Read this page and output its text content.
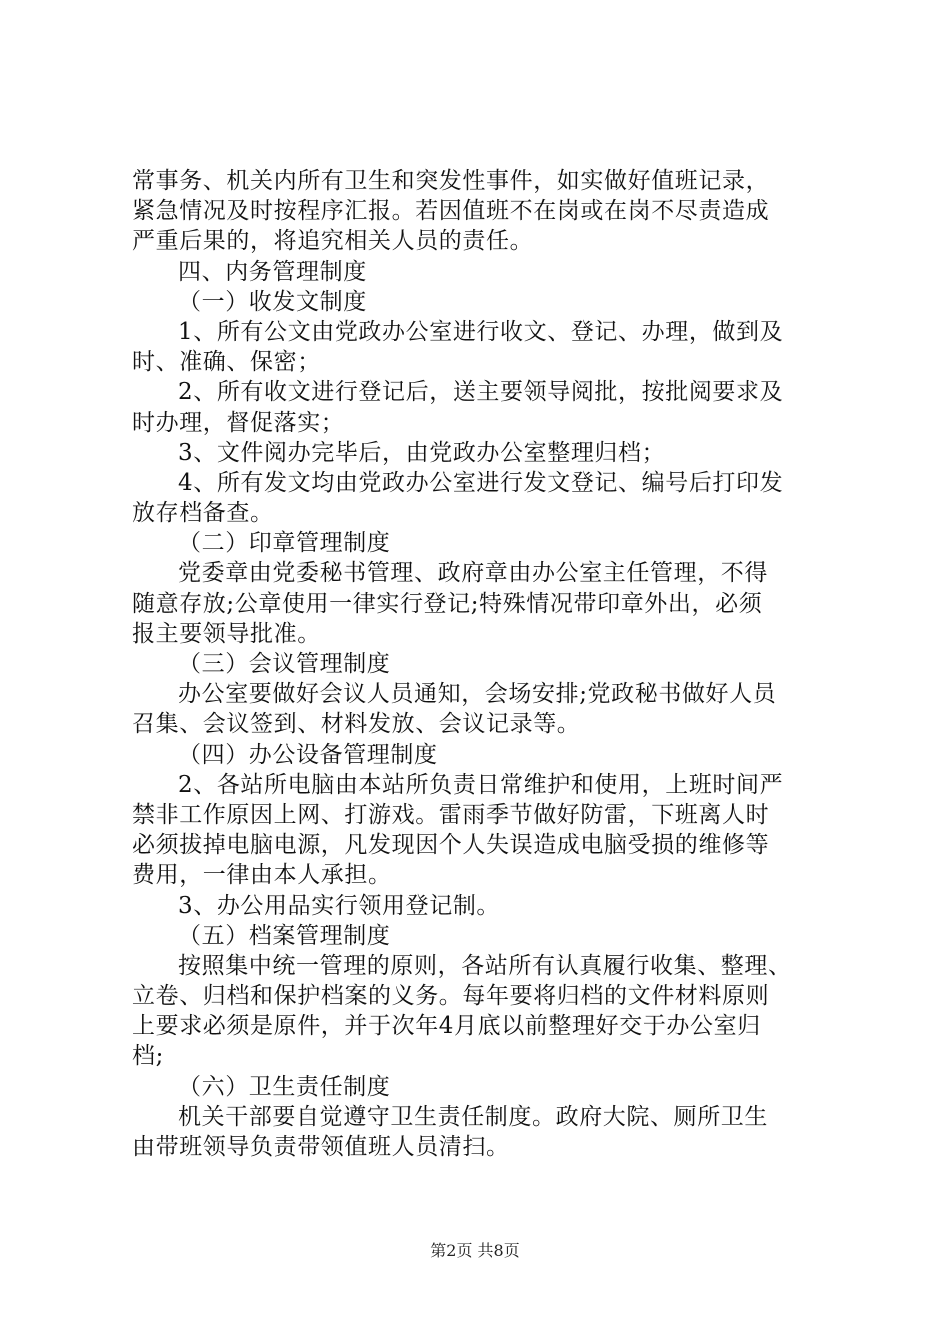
常事务、机关内所有卫生和突发性事件，如实做好值班记录，
紧急情况及时按程序汇报。若因值班不在岗或在岗不尽责造成
严重后果的，将追究相关人员的责任。
四、内务管理制度
（一）收发文制度
1、所有公文由党政办公室进行收文、登记、办理，做到及
时、准确、保密；
2、所有收文进行登记后，送主要领导阅批，按批阅要求及
时办理，督促落实；
3、文件阅办完毕后，由党政办公室整理归档；
4、所有发文均由党政办公室进行发文登记、编号后打印发
放存档备查。
（二）印章管理制度
党委章由党委秘书管理、政府章由办公室主任管理，不得
随意存放;公章使用一律实行登记;特殊情况带印章外出，必须
报主要领导批准。
（三）会议管理制度
办公室要做好会议人员通知，会场安排;党政秘书做好人员
召集、会议签到、材料发放、会议记录等。
（四）办公设备管理制度
2、各站所电脑由本站所负责日常维护和使用，上班时间严
禁非工作原因上网、打游戏。雷雨季节做好防雷，下班离人时
必须拔掉电脑电源，凡发现因个人失误造成电脑受损的维修等
费用，一律由本人承担。
3、办公用品实行领用登记制。
（五）档案管理制度
按照集中统一管理的原则，各站所有认真履行收集、整理、
立卷、归档和保护档案的义务。每年要将归档的文件材料原则
上要求必须是原件，并于次年4月底以前整理好交于办公室归
档;
（六）卫生责任制度
机关干部要自觉遵守卫生责任制度。政府大院、厕所卫生
由带班领导负责带领值班人员清扫。
第2页 共8页
